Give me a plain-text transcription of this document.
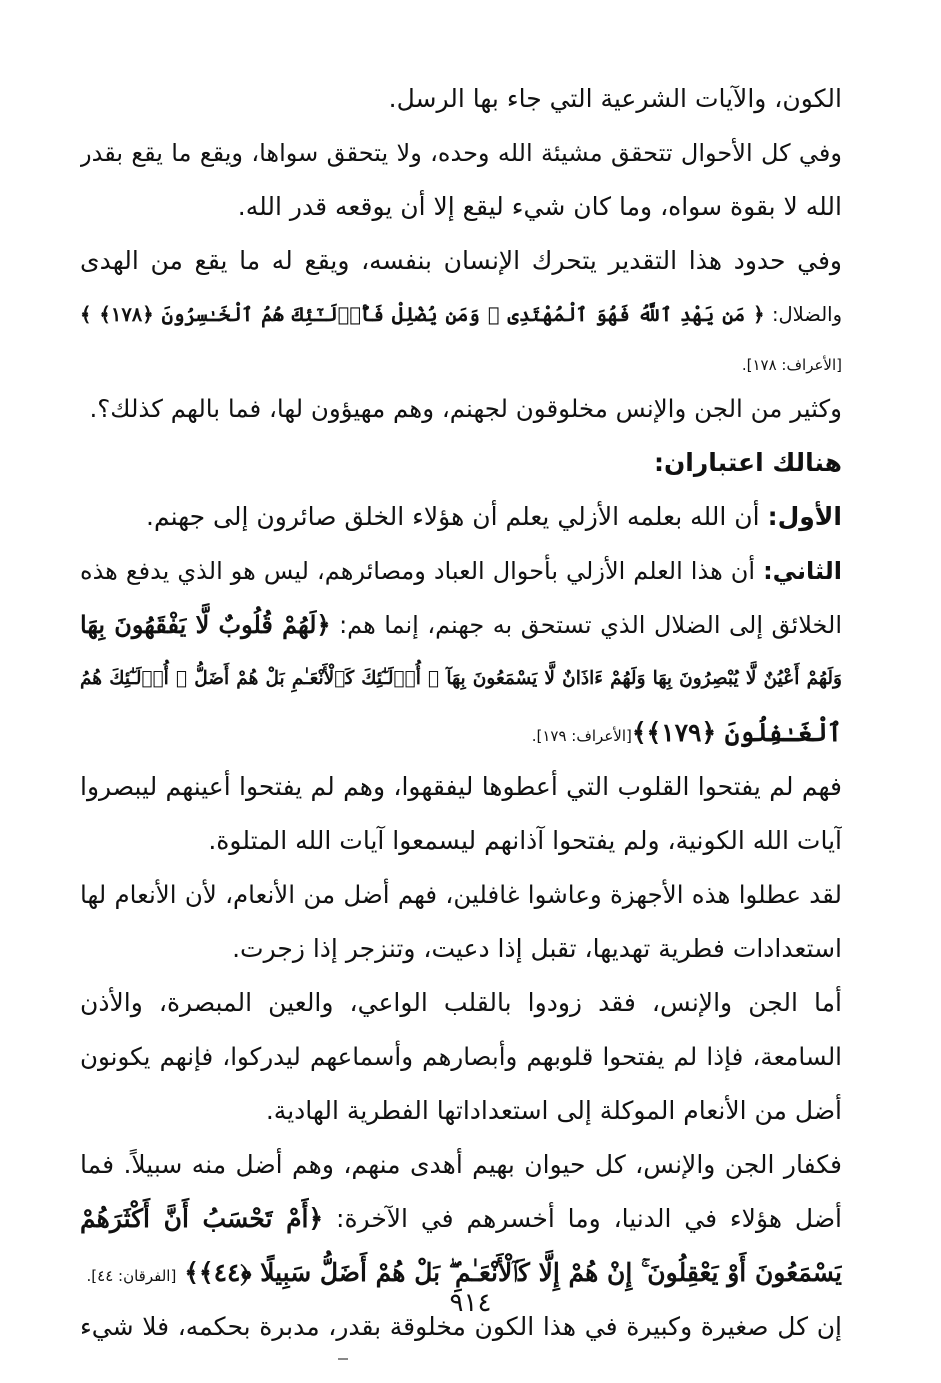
الكون، والآيات الشرعية التي جاء بها الرسل.
وفي كل الأحوال تتحقق مشيئة الله وحده، ولا يتحقق سواها، ويقع ما يقع بقدر
الله لا بقوة سواه، وما كان شيء ليقع إلا أن يوقعه قدر الله.
وفي حدود هذا التقدير يتحرك الإنسان بنفسه، ويقع له ما يقع من الهدى
والضلال: ﴿ مَن يَهْدِ ٱللَّهُ فَهُوَ ٱلْمُهْتَدِى ۖ وَمَن يُضْلِلْ فَأُو۟لَـٰٓئِكَ هُمُ ٱلْخَـٰسِرُونَ ﴿١٧٨﴾ ﴾
[الأعراف: ١٧٨].
وكثير من الجن والإنس مخلوقون لجهنم، وهم مهيؤون لها، فما بالهم كذلك؟.
هنالك اعتباران:
الأول: أن الله بعلمه الأزلي يعلم أن هؤلاء الخلق صائرون إلى جهنم.
الثاني: أن هذا العلم الأزلي بأحوال العباد ومصائرهم، ليس هو الذي يدفع هذه
الخلائق إلى الضلال الذي تستحق به جهنم، إنما هم: ﴿لَهُمْ قُلُوبٌ لَّا يَفْقَهُونَ بِهَا
وَلَهُمْ أَعْيُنٌ لَّا يُبْصِرُونَ بِهَا وَلَهُمْ ءَاذَانٌ لَّا يَسْمَعُونَ بِهَآ ۚ أُو۟لَـٰٓئِكَ كَٱلْأَنْعَـٰمِ بَلْ هُمْ أَضَلُّ ۚ أُو۟لَـٰٓئِكَ هُمُ
ٱلْغَـٰفِلُونَ ﴿١٧٩﴾﴾[الأعراف: ١٧٩].
فهم لم يفتحوا القلوب التي أعطوها ليفقهوا، وهم لم يفتحوا أعينهم ليبصروا
آيات الله الكونية، ولم يفتحوا آذانهم ليسمعوا آيات الله المتلوة.
لقد عطلوا هذه الأجهزة وعاشوا غافلين، فهم أضل من الأنعام، لأن الأنعام لها
استعدادات فطرية تهديها، تقبل إذا دعيت، وتنزجر إذا زجرت.
أما الجن والإنس، فقد زودوا بالقلب الواعي، والعين المبصرة، والأذن
السامعة، فإذا لم يفتحوا قلوبهم وأبصارهم وأسماعهم ليدركوا، فإنهم يكونون
أضل من الأنعام الموكلة إلى استعداداتها الفطرية الهادية.
فكفار الجن والإنس، كل حيوان بهيم أهدى منهم، وهم أضل منه سبيلاً. فما
أضل هؤلاء في الدنيا، وما أخسرهم في الآخرة: ﴿أَمْ تَحْسَبُ أَنَّ أَكْثَرَهُمْ
يَسْمَعُونَ أَوْ يَعْقِلُونَ ۚ إِنْ هُمْ إِلَّا كَٱلْأَنْعَـٰمِ ۖ بَلْ هُمْ أَضَلُّ سَبِيلًا ﴿٤٤﴾﴾ [الفرقان: ٤٤].
إن كل صغيرة وكبيرة في هذا الكون مخلوقة بقدر، مدبرة بحكمه، فلا شيء
٩١٤
